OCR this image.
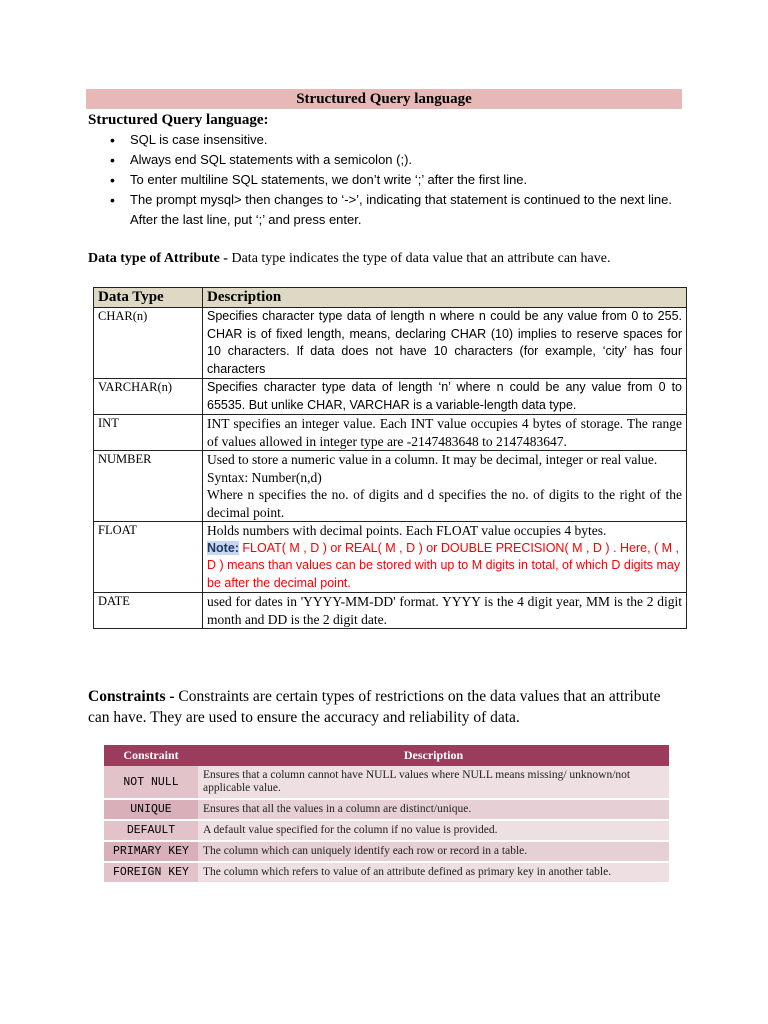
Structured Query language
Structured Query language:
• SQL is case insensitive.
• Always end SQL statements with a semicolon (;).
• To enter multiline SQL statements, we don’t write ‘;’ after the first line.
• The prompt mysql> then changes to ‘->’, indicating that statement is continued to the next line. After the last line, put ‘;’ and press enter.
Data type of Attribute - Data type indicates the type of data value that an attribute can have.
Data Type	Description
CHAR(n)	Specifies character type data of length n where n could be any value from 0 to 255. CHAR is of fixed length, means, declaring CHAR (10) implies to reserve spaces for 10 characters. If data does not have 10 characters (for example, ‘city’ has four characters
VARCHAR(n)	Specifies character type data of length ‘n’ where n could be any value from 0 to 65535. But unlike CHAR, VARCHAR is a variable-length data type.
INT	INT specifies an integer value. Each INT value occupies 4 bytes of storage. The range of values allowed in integer type are -2147483648 to 2147483647.
NUMBER	Used to store a numeric value in a column. It may be decimal, integer or real value.
Syntax: Number(n,d)
Where n specifies the no. of digits and d specifies the no. of digits to the right of the decimal point.

FLOAT	Holds numbers with decimal points. Each FLOAT value occupies 4 bytes.
Note: FLOAT( M , D ) or REAL( M , D ) or DOUBLE PRECISION( M , D ) . Here, ( M , D ) means than values can be stored with up to M digits in total, of which D digits may be after the decimal point.

DATE	used for dates in 'YYYY-MM-DD' format. YYYY is the 4 digit year, MM is the 2 digit month and DD is the 2 digit date.
Constraints - Constraints are certain types of restrictions on the data values that an attribute can have. They are used to ensure the accuracy and reliability of data.
Constraint	Description
NOT NULL	Ensures that a column cannot have NULL values where NULL means missing/ unknown/not applicable value.
UNIQUE	Ensures that all the values in a column are distinct/unique.
DEFAULT	A default value specified for the column if no value is provided.
PRIMARY KEY	The column which can uniquely identify each row or record in a table.
FOREIGN KEY	The column which refers to value of an attribute defined as primary key in another table.
